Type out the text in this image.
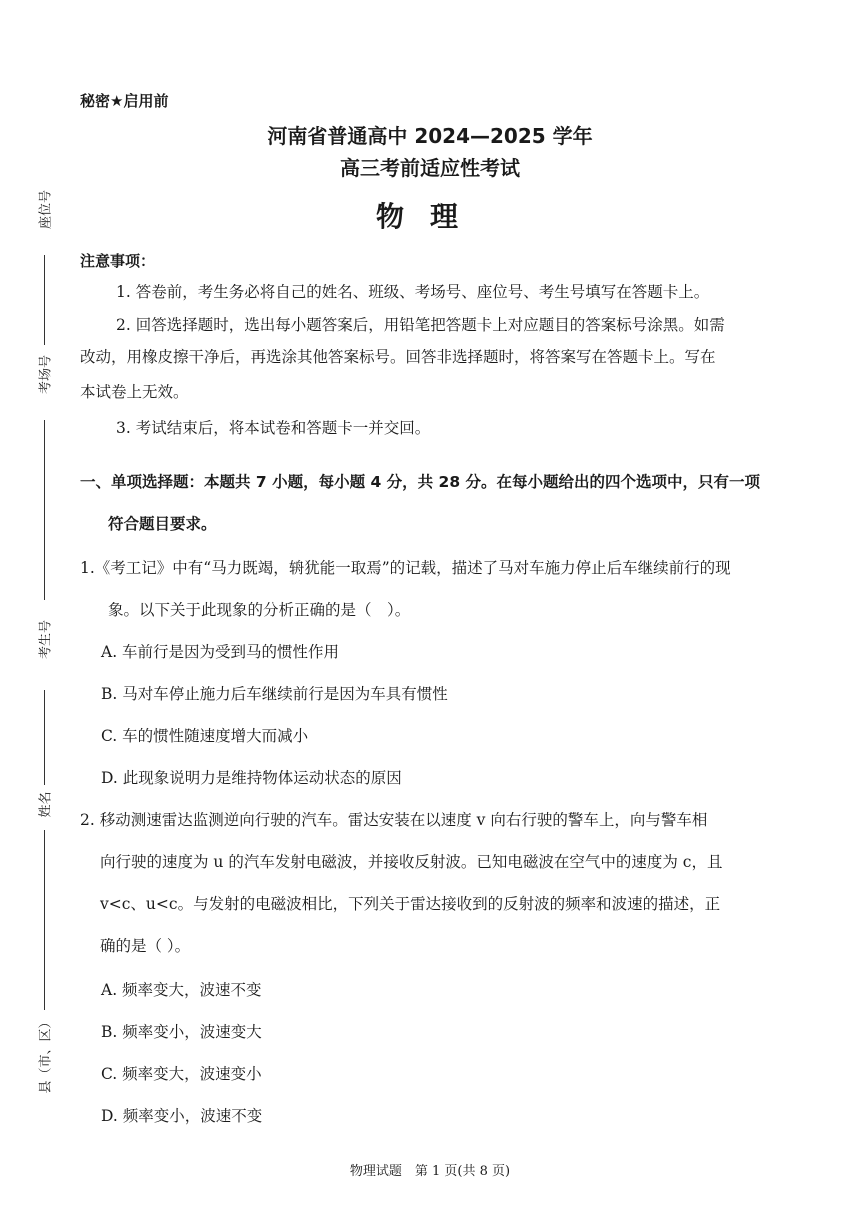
座位号
考场号
考生号
姓名
县（市、区）
秘密★启用前
河南省普通高中 2024—2025 学年
高三考前适应性考试
物理
注意事项：
1. 答卷前，考生务必将自己的姓名、班级、考场号、座位号、考生号填写在答题卡上。
2. 回答选择题时，选出每小题答案后，用铅笔把答题卡上对应题目的答案标号涂黑。如需
改动，用橡皮擦干净后，再选涂其他答案标号。回答非选择题时，将答案写在答题卡上。写在
本试卷上无效。
3. 考试结束后，将本试卷和答题卡一并交回。
一、单项选择题：本题共 7 小题，每小题 4 分，共 28 分。在每小题给出的四个选项中，只有一项
符合题目要求。
1.《考工记》中有“马力既竭，辀犹能一取焉”的记载，描述了马对车施力停止后车继续前行的现
象。以下关于此现象的分析正确的是（　）。
A. 车前行是因为受到马的惯性作用
B. 马对车停止施力后车继续前行是因为车具有惯性
C. 车的惯性随速度增大而减小
D. 此现象说明力是维持物体运动状态的原因
2. 移动测速雷达监测逆向行驶的汽车。雷达安装在以速度 v 向右行驶的警车上，向与警车相
向行驶的速度为 u 的汽车发射电磁波，并接收反射波。已知电磁波在空气中的速度为 c，且
v<c、u<c。与发射的电磁波相比，下列关于雷达接收到的反射波的频率和波速的描述，正
确的是（ ）。
A. 频率变大，波速不变
B. 频率变小，波速变大
C. 频率变大，波速变小
D. 频率变小，波速不变
物理试题　第 1 页(共 8 页)
